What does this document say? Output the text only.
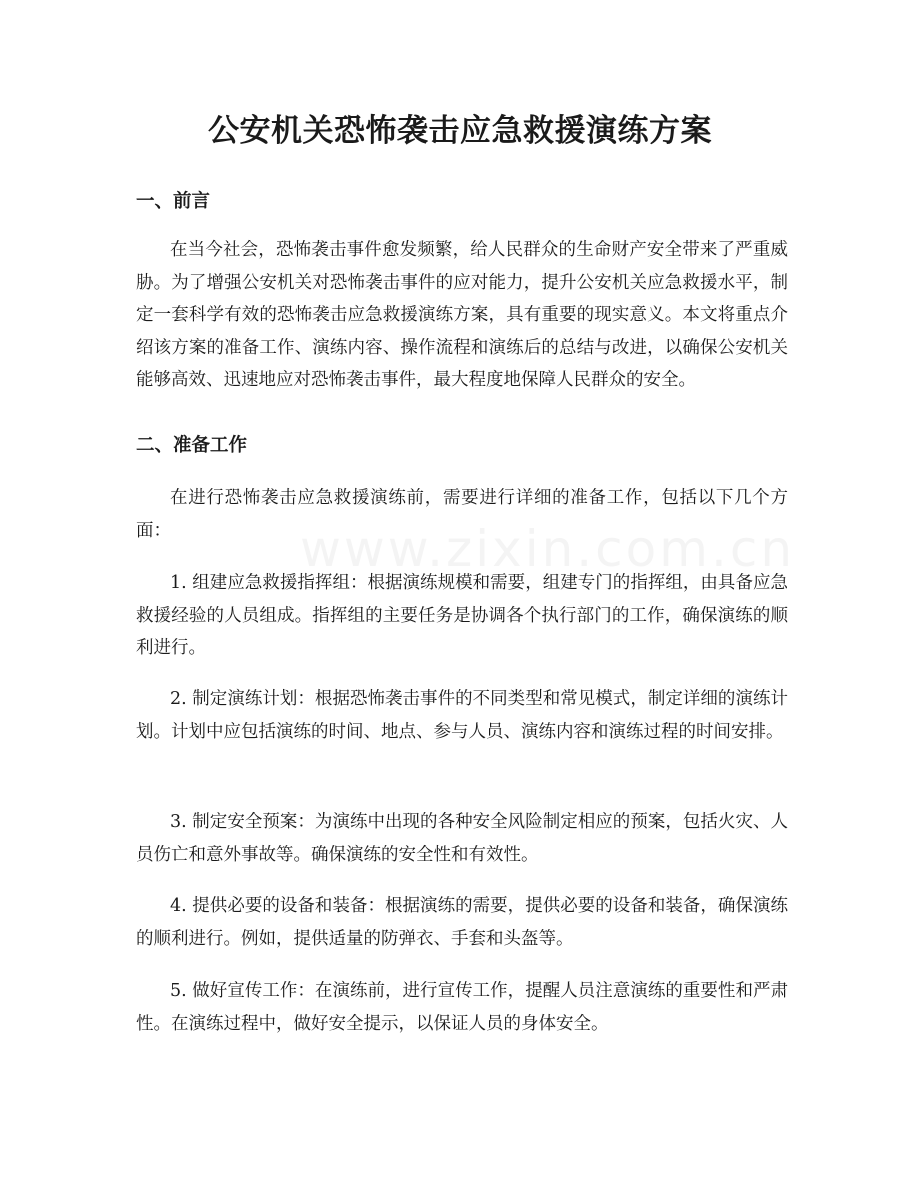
公安机关恐怖袭击应急救援演练方案
一、前言

在当今社会，恐怖袭击事件愈发频繁，给人民群众的生命财产安全带来了严重威胁。为了增强公安机关对恐怖袭击事件的应对能力，提升公安机关应急救援水平，制定一套科学有效的恐怖袭击应急救援演练方案，具有重要的现实意义。本文将重点介绍该方案的准备工作、演练内容、操作流程和演练后的总结与改进，以确保公安机关能够高效、迅速地应对恐怖袭击事件，最大程度地保障人民群众的安全。

二、准备工作

在进行恐怖袭击应急救援演练前，需要进行详细的准备工作，包括以下几个方面：

1. 组建应急救援指挥组：根据演练规模和需要，组建专门的指挥组，由具备应急救援经验的人员组成。指挥组的主要任务是协调各个执行部门的工作，确保演练的顺利进行。

2. 制定演练计划：根据恐怖袭击事件的不同类型和常见模式，制定详细的演练计划。计划中应包括演练的时间、地点、参与人员、演练内容和演练过程的时间安排。

3. 制定安全预案：为演练中出现的各种安全风险制定相应的预案，包括火灾、人员伤亡和意外事故等。确保演练的安全性和有效性。

4. 提供必要的设备和装备：根据演练的需要，提供必要的设备和装备，确保演练的顺利进行。例如，提供适量的防弹衣、手套和头盔等。

5. 做好宣传工作：在演练前，进行宣传工作，提醒人员注意演练的重要性和严肃性。在演练过程中，做好安全提示，以保证人员的身体安全。

www.zixin.com.cn
